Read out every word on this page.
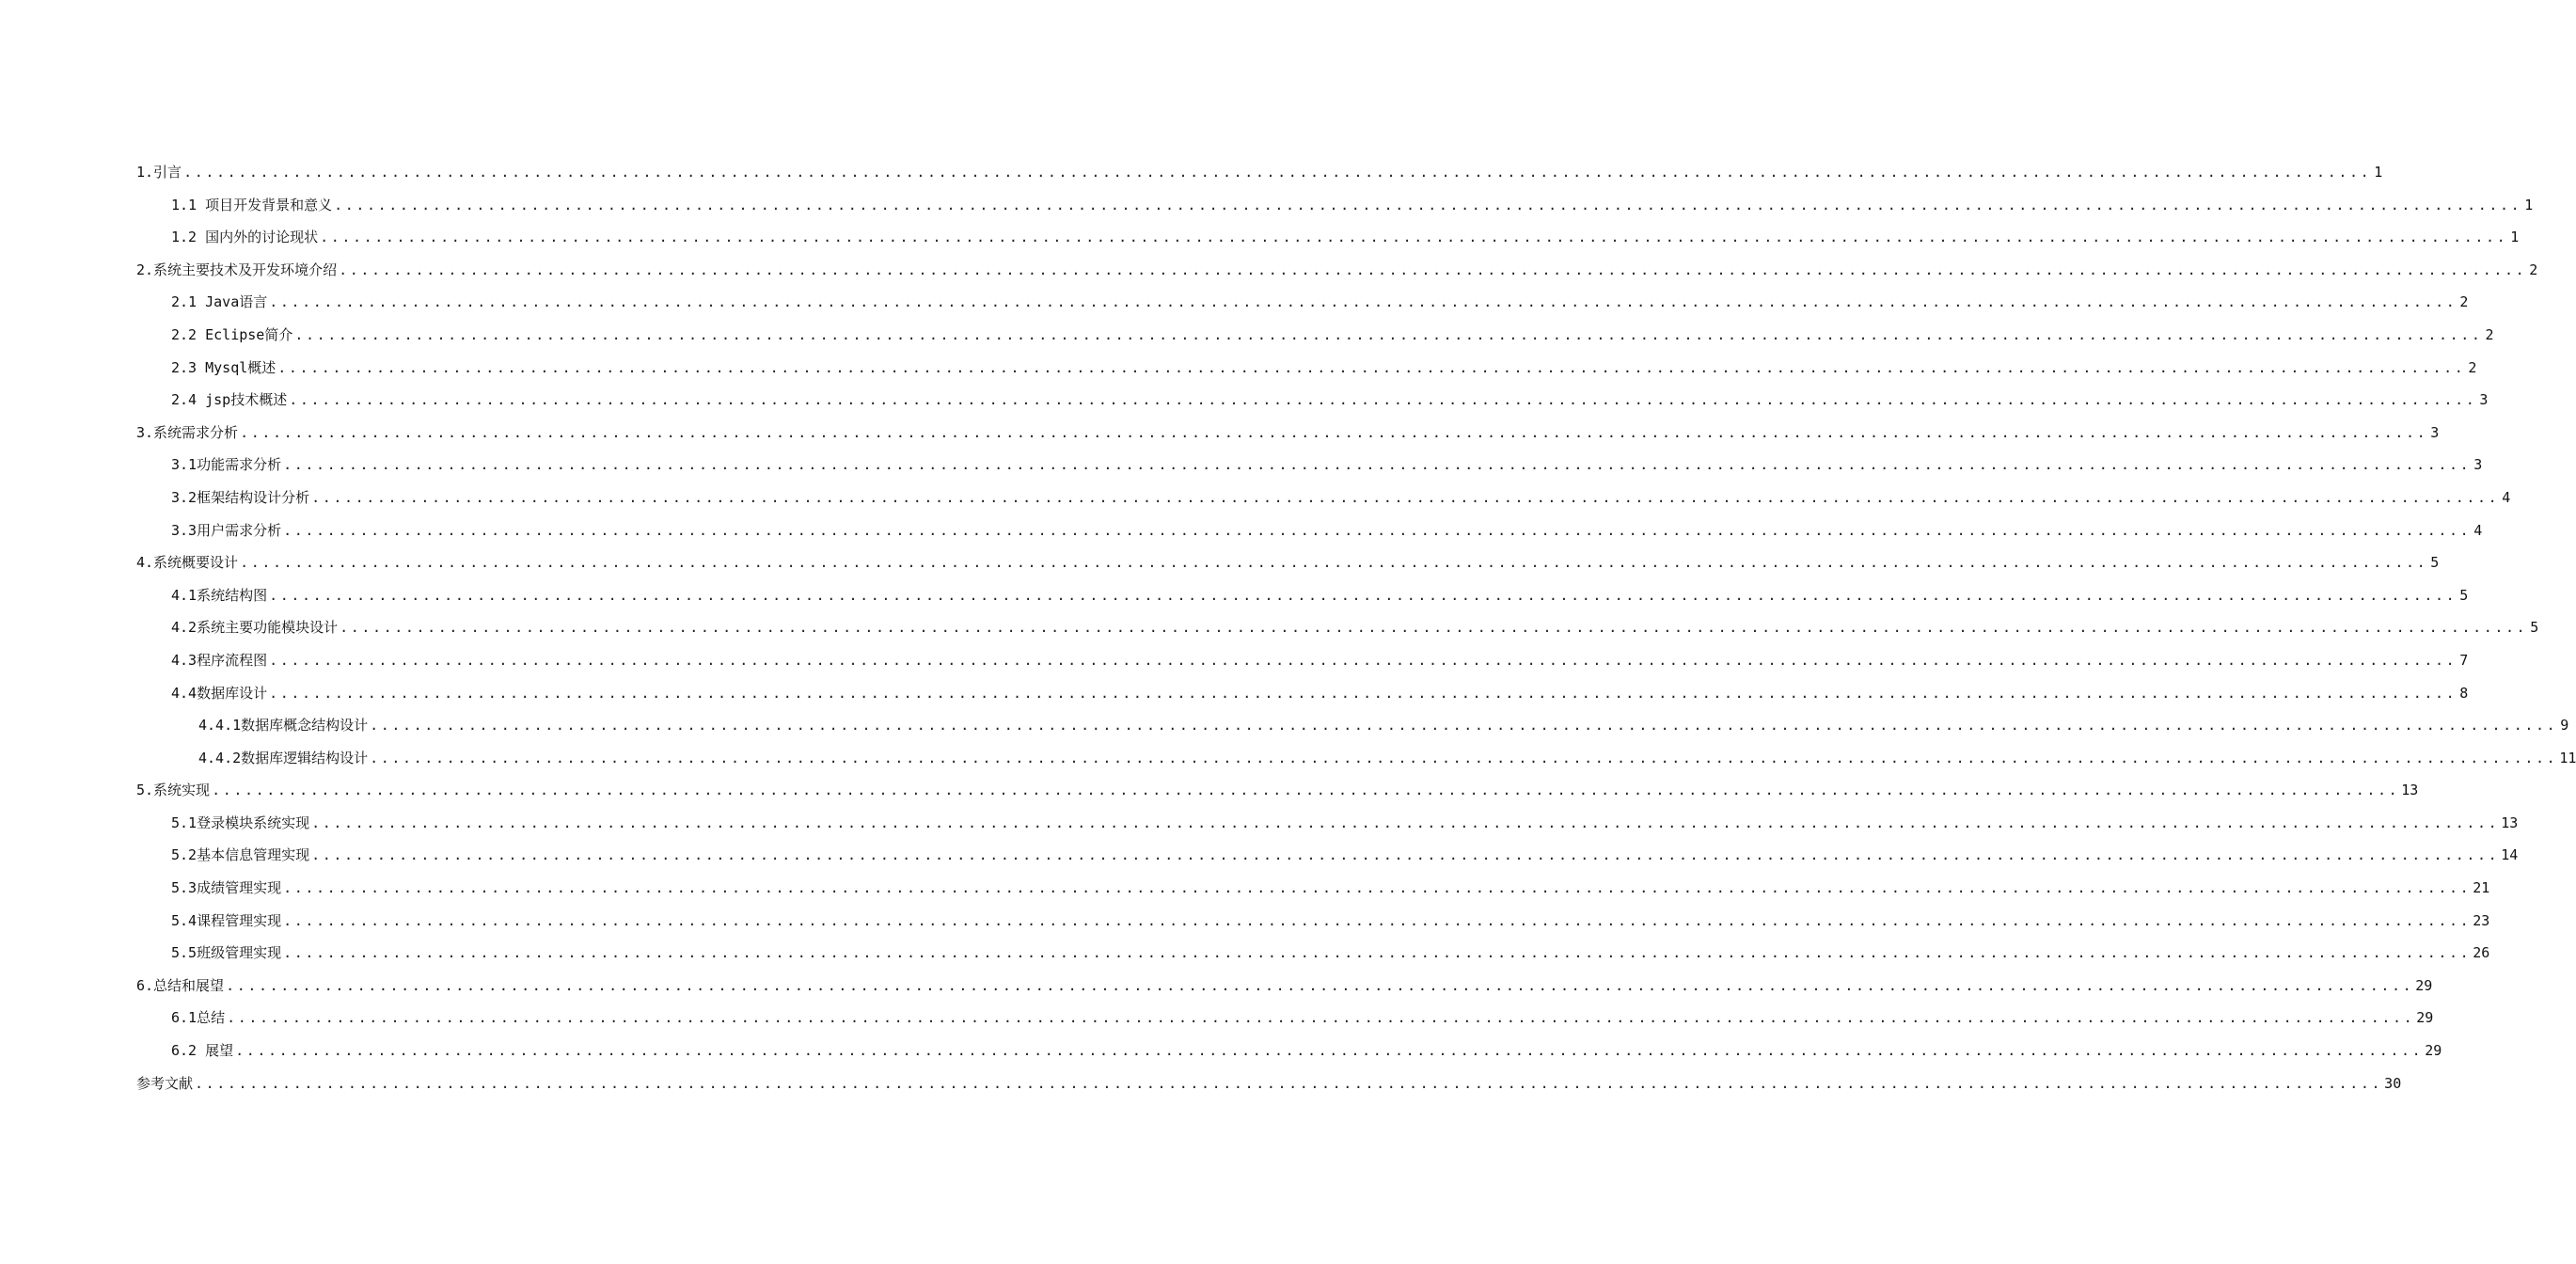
1.引言 ........................................................................................................................................................................................................ 1
1.1 项目开发背景和意义 ........................................................................................................................................................................................................ 1
1.2 国内外的讨论现状 ........................................................................................................................................................................................................ 1
2.系统主要技术及开发环境介绍 ........................................................................................................................................................................................................ 2
2.1 Java语言 ........................................................................................................................................................................................................ 2
2.2 Eclipse简介 ........................................................................................................................................................................................................ 2
2.3 Mysql概述 ........................................................................................................................................................................................................ 2
2.4 jsp技术概述 ........................................................................................................................................................................................................ 3
3.系统需求分析 ........................................................................................................................................................................................................ 3
3.1功能需求分析 ........................................................................................................................................................................................................ 3
3.2框架结构设计分析 ........................................................................................................................................................................................................ 4
3.3用户需求分析 ........................................................................................................................................................................................................ 4
4.系统概要设计 ........................................................................................................................................................................................................ 5
4.1系统结构图 ........................................................................................................................................................................................................ 5
4.2系统主要功能模块设计 ........................................................................................................................................................................................................ 5
4.3程序流程图 ........................................................................................................................................................................................................ 7
4.4数据库设计 ........................................................................................................................................................................................................ 8
4.4.1数据库概念结构设计 ........................................................................................................................................................................................................ 9
4.4.2数据库逻辑结构设计 ........................................................................................................................................................................................................ 11
5.系统实现 ........................................................................................................................................................................................................ 13
5.1登录模块系统实现 ........................................................................................................................................................................................................ 13
5.2基本信息管理实现 ........................................................................................................................................................................................................ 14
5.3成绩管理实现 ........................................................................................................................................................................................................ 21
5.4课程管理实现 ........................................................................................................................................................................................................ 23
5.5班级管理实现 ........................................................................................................................................................................................................ 26
6.总结和展望 ........................................................................................................................................................................................................ 29
6.1总结 ........................................................................................................................................................................................................ 29
6.2 展望 ........................................................................................................................................................................................................ 29
参考文献 ........................................................................................................................................................................................................ 30
